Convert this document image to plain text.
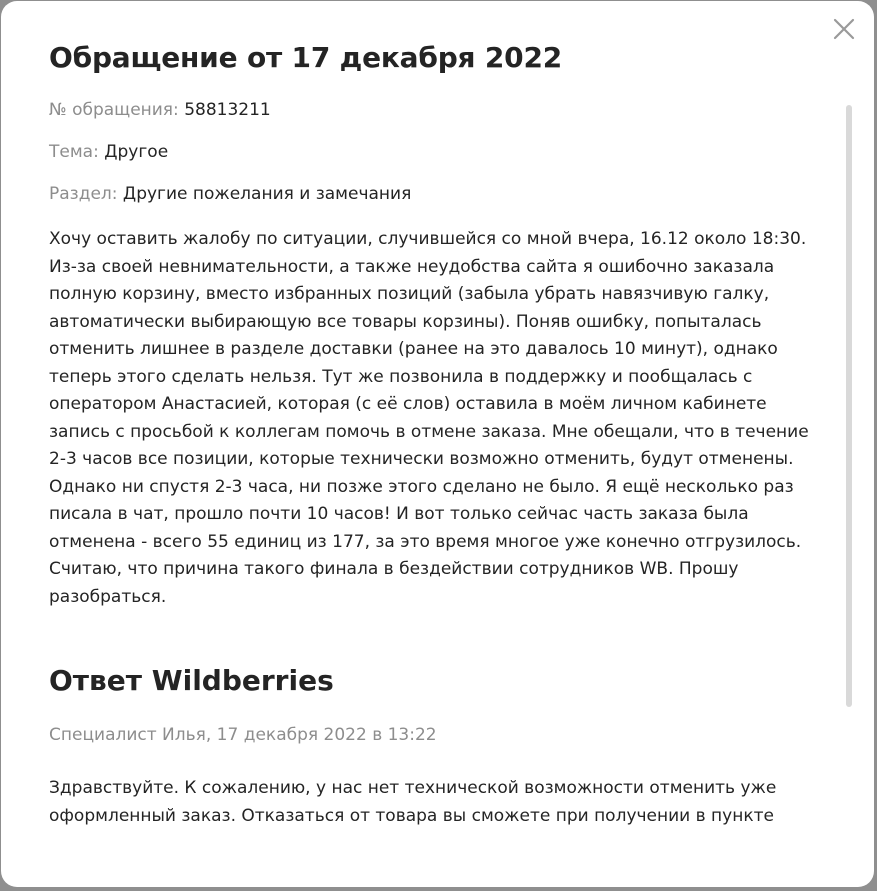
Обращение от 17 декабря 2022
№ обращения: 58813211
Тема: Другое
Раздел: Другие пожелания и замечания
Хочу оставить жалобу по ситуации, случившейся со мной вчера, 16.12 около 18:30. Из-за своей невнимательности, а также неудобства сайта я ошибочно заказала полную корзину, вместо избранных позиций (забыла убрать навязчивую галку, автоматически выбирающую все товары корзины). Поняв ошибку, попыталась отменить лишнее в разделе доставки (ранее на это давалось 10 минут), однако теперь этого сделать нельзя. Тут же позвонила в поддержку и пообщалась с оператором Анастасией, которая (с её слов) оставила в моём личном кабинете запись с просьбой к коллегам помочь в отмене заказа. Мне обещали, что в течение 2-3 часов все позиции, которые технически возможно отменить, будут отменены. Однако ни спустя 2-3 часа, ни позже этого сделано не было. Я ещё несколько раз писала в чат, прошло почти 10 часов! И вот только сейчас часть заказа была отменена - всего 55 единиц из 177, за это время многое уже конечно отгрузилось. Считаю, что причина такого финала в бездействии сотрудников WB. Прошу разобраться.
Ответ Wildberries
Специалист Илья, 17 декабря 2022 в 13:22
Здравствуйте. К сожалению, у нас нет технической возможности отменить уже оформленный заказ. Отказаться от товара вы сможете при получении в пункте
